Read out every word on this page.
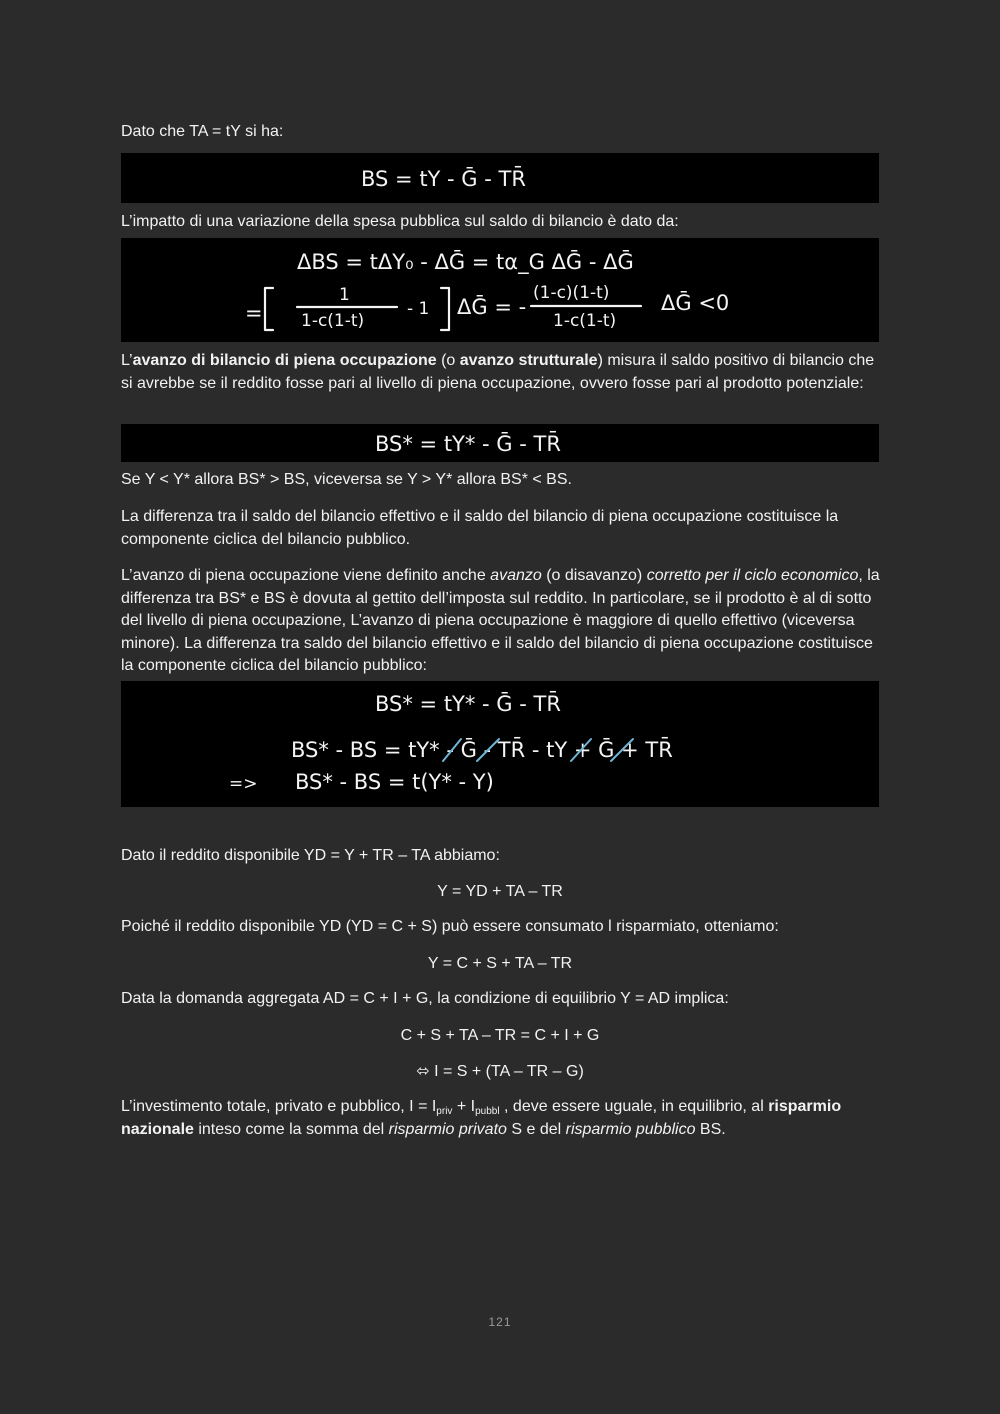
Dato che TA = tY si ha:
BS = tY - Ḡ - TR̄
L’impatto di una variazione della spesa pubblica sul saldo di bilancio è dato da:
ΔBS = tΔY₀ - ΔḠ = tα_G ΔḠ - ΔḠ
=
1
1-c(1-t)
- 1 ΔḠ = -
(1-c)(1-t)
1-c(1-t)
ΔḠ <0
L’avanzo di bilancio di piena occupazione (o avanzo strutturale) misura il saldo positivo di bilancio che si avrebbe se il reddito fosse pari al livello di piena occupazione, ovvero fosse pari al prodotto potenziale:
BS* = tY* - Ḡ - TR̄
Se Y < Y* allora BS* > BS, viceversa se Y > Y* allora BS* < BS.
La differenza tra il saldo del bilancio effettivo e il saldo del bilancio di piena occupazione costituisce la componente ciclica del bilancio pubblico.
L’avanzo di piena occupazione viene definito anche avanzo (o disavanzo) corretto per il ciclo economico, la differenza tra BS* e BS è dovuta al gettito dell’imposta sul reddito. In particolare, se il prodotto è al di sotto del livello di piena occupazione, L’avanzo di piena occupazione è maggiore di quello effettivo (viceversa minore). La differenza tra saldo del bilancio effettivo e il saldo del bilancio di piena occupazione costituisce la componente ciclica del bilancio pubblico:
BS* = tY* - Ḡ - TR̄
BS* - BS = tY* - Ḡ - TR̄ - tY + Ḡ + TR̄
=> BS* - BS = t(Y* - Y)
Dato il reddito disponibile YD = Y + TR – TA abbiamo:
Y = YD + TA – TR
Poiché il reddito disponibile YD (YD = C + S) può essere consumato l risparmiato, otteniamo:
Y = C + S + TA – TR
Data la domanda aggregata AD = C + I + G, la condizione di equilibrio Y = AD implica:
C + S + TA – TR = C + I + G
⬄ I = S + (TA – TR – G)
L’investimento totale, privato e pubblico, $I = I_{priv} + I_{pubbl}$ , deve essere uguale, in equilibrio, al risparmio nazionale inteso come la somma del risparmio privato S e del risparmio pubblico BS.
121
